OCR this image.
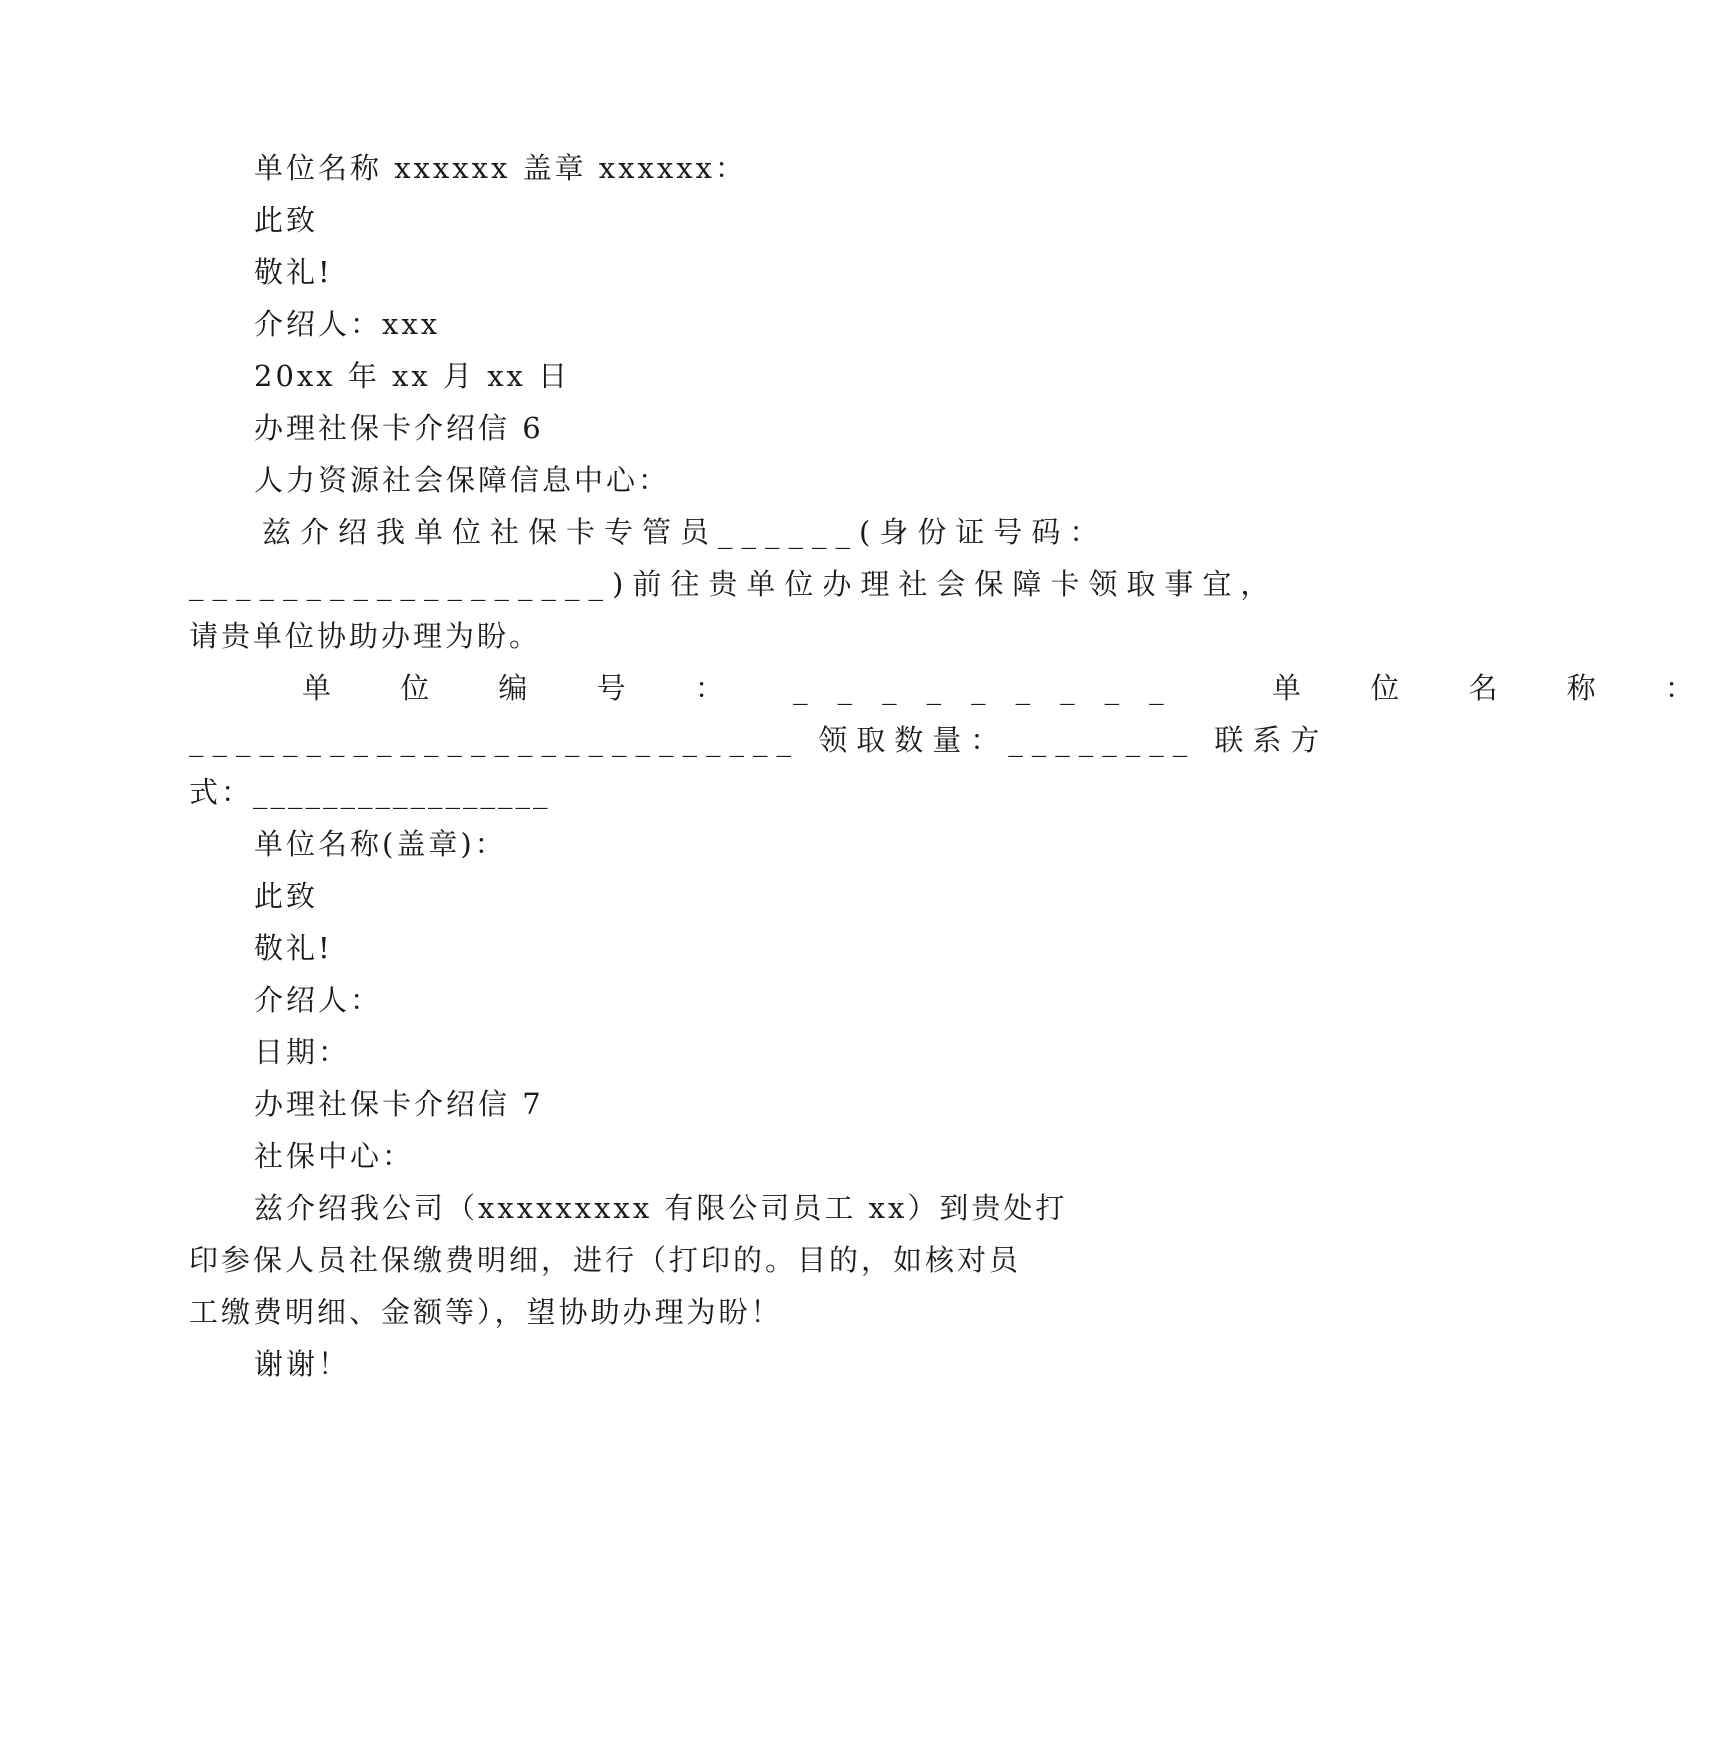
单位名称 xxxxxx 盖章 xxxxxx：
此致
敬礼!
介绍人：xxx
20xx 年 xx 月 xx 日
办理社保卡介绍信 6
人力资源社会保障信息中心：
兹介绍我单位社保卡专管员______(身份证号码：
__________________)前往贵单位办理社会保障卡领取事宜，
请贵单位协助办理为盼。
单 位 编 号 ： _________  单 位 名 称 ：
__________________________ 领取数量：________ 联系方
式：_________________
单位名称(盖章)：
此致
敬礼!
介绍人：
日期：
办理社保卡介绍信 7
社保中心：
兹介绍我公司（xxxxxxxxx 有限公司员工 xx）到贵处打
印参保人员社保缴费明细，进行（打印的。目的，如核对员
工缴费明细、金额等），望协助办理为盼！
谢谢！
